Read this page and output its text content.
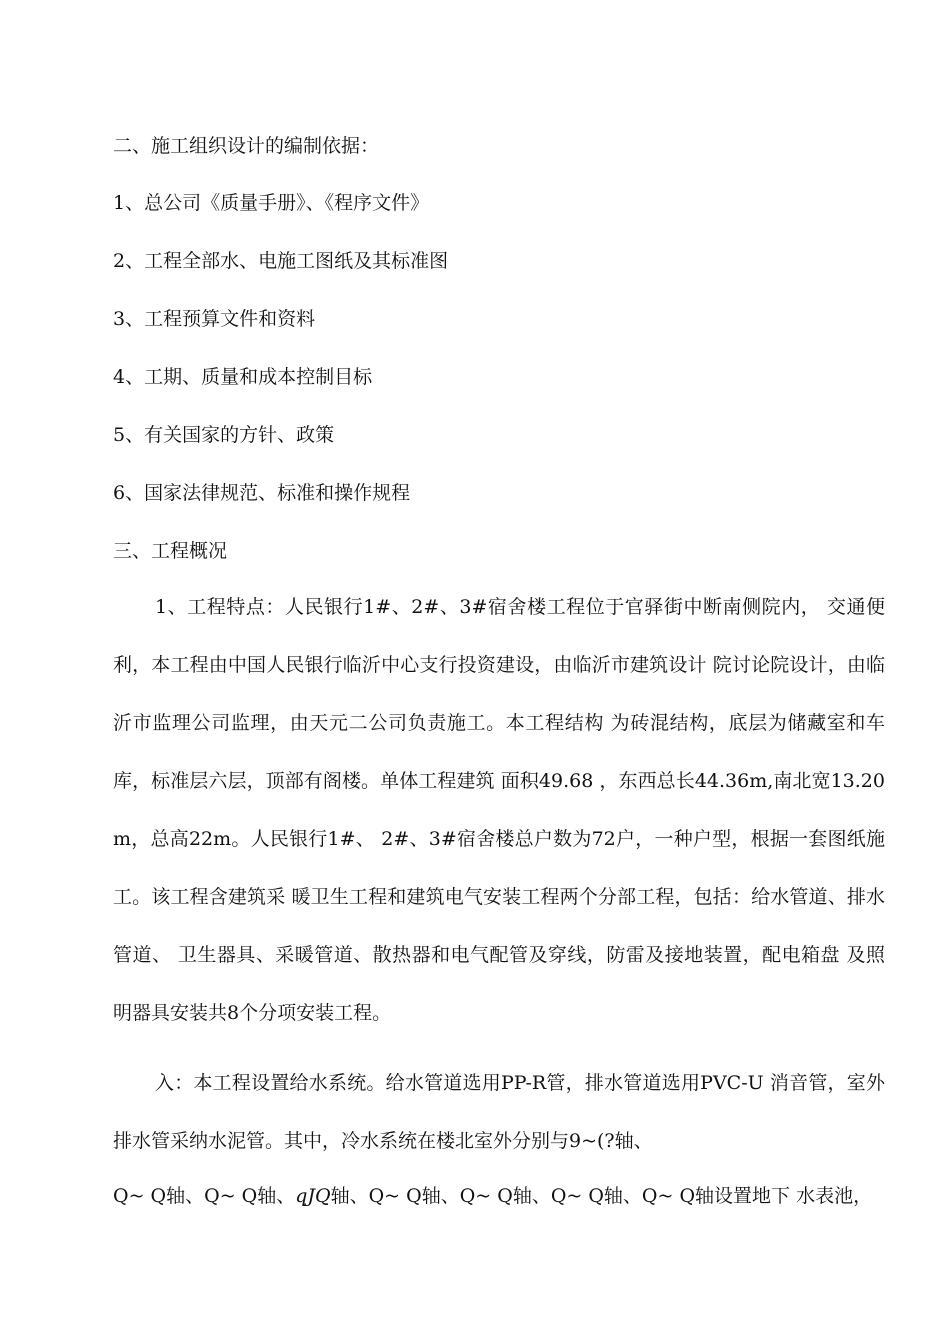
二、施工组织设计的编制依据：
1、总公司《质量手册》、《程序文件》
2、工程全部水、电施工图纸及其标准图
3、工程预算文件和资料
4、工期、质量和成本控制目标
5、有关国家的方针、政策
6、国家法律规范、标准和操作规程
三、工程概况
1、工程特点：人民银行1#、2#、3#宿舍楼工程位于官驿街中断南侧院内， 交通便利，本工程由中国人民银行临沂中心支行投资建设，由临沂市建筑设计 院讨论院设计，由临沂市监理公司监理，由天元二公司负责施工。本工程结构 为砖混结构，底层为储藏室和车库，标准层六层，顶部有阁楼。单体工程建筑 面积49.68 ，东西总长44.36m,南北宽13.20m，总高22m。人民银行1#、 2#、3#宿舍楼总户数为72户，一种户型，根据一套图纸施工。该工程含建筑采 暖卫生工程和建筑电气安装工程两个分部工程，包括：给水管道、排水管道、 卫生器具、采暖管道、散热器和电气配管及穿线，防雷及接地装置，配电箱盘 及照明器具安装共8个分项安装工程。
入：本工程设置给水系统。给水管道选用PP-R管，排水管道选用PVC-U 消音管，室外排水管采纳水泥管。其中，冷水系统在楼北室外分别与9~(?轴、
Q~ Q轴、Q~ Q轴、qJQ轴、Q~ Q轴、Q~ Q轴、Q~ Q轴、Q~ Q轴设置地下 水表池，
